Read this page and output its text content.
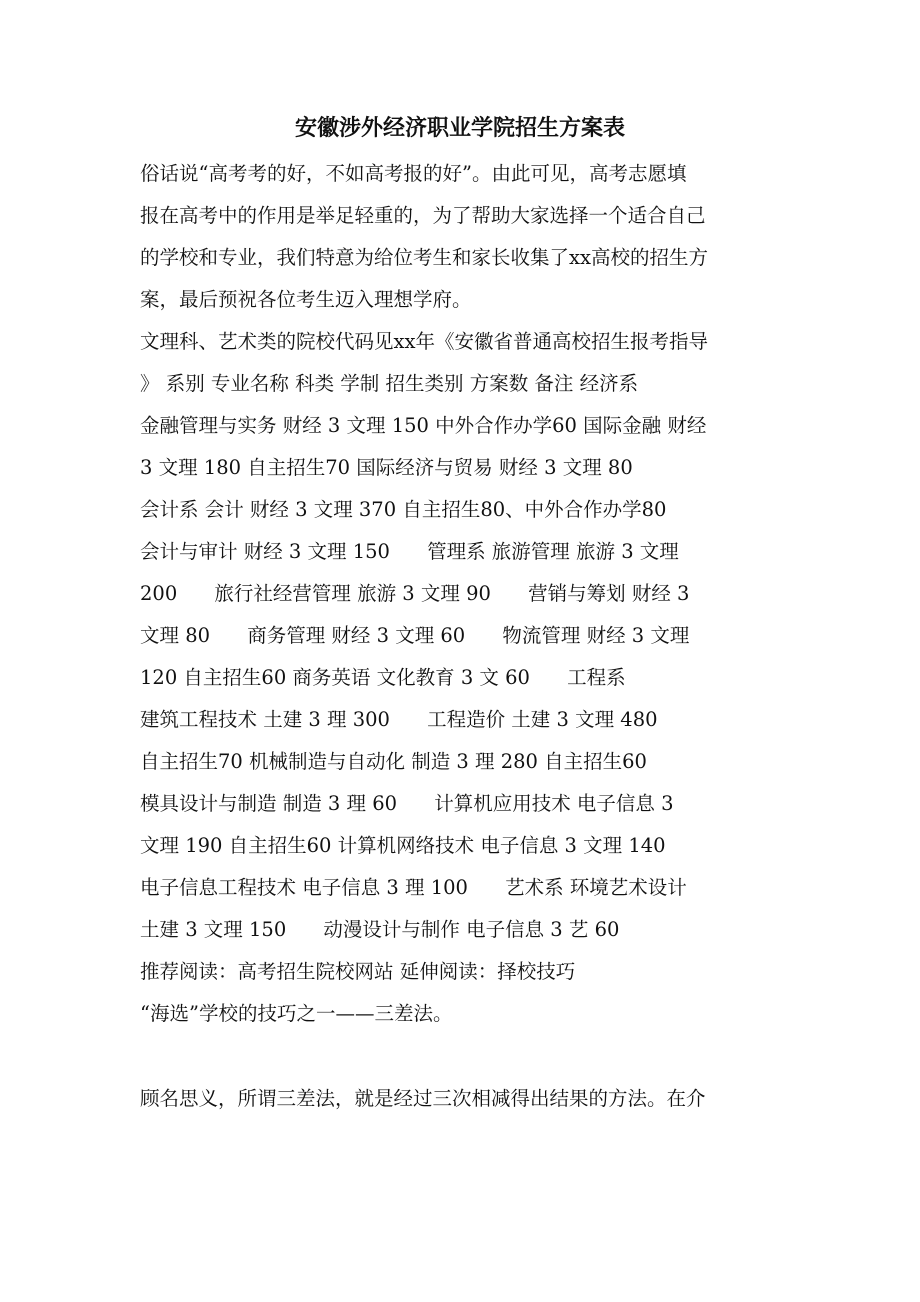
安徽涉外经济职业学院招生方案表
俗话说“高考考的好，不如高考报的好”。由此可见，高考志愿填
报在高考中的作用是举足轻重的，为了帮助大家选择一个适合自己
的学校和专业，我们特意为给位考生和家长收集了xx高校的招生方
案，最后预祝各位考生迈入理想学府。
文理科、艺术类的院校代码见xx年《安徽省普通高校招生报考指导
》 系别 专业名称 科类 学制 招生类别 方案数 备注 经济系
金融管理与实务 财经 3 文理 150 中外合作办学60 国际金融 财经
3 文理 180 自主招生70 国际经济与贸易 财经 3 文理 80
会计系 会计 财经 3 文理 370 自主招生80、中外合作办学80
会计与审计 财经 3 文理 150      管理系 旅游管理 旅游 3 文理
200      旅行社经营管理 旅游 3 文理 90      营销与筹划 财经 3
文理 80      商务管理 财经 3 文理 60      物流管理 财经 3 文理
120 自主招生60 商务英语 文化教育 3 文 60      工程系
建筑工程技术 土建 3 理 300      工程造价 土建 3 文理 480
自主招生70 机械制造与自动化 制造 3 理 280 自主招生60
模具设计与制造 制造 3 理 60      计算机应用技术 电子信息 3
文理 190 自主招生60 计算机网络技术 电子信息 3 文理 140
电子信息工程技术 电子信息 3 理 100      艺术系 环境艺术设计
土建 3 文理 150      动漫设计与制作 电子信息 3 艺 60
推荐阅读：高考招生院校网站 延伸阅读：择校技巧
“海选”学校的技巧之一——三差法。
顾名思义，所谓三差法，就是经过三次相减得出结果的方法。在介
